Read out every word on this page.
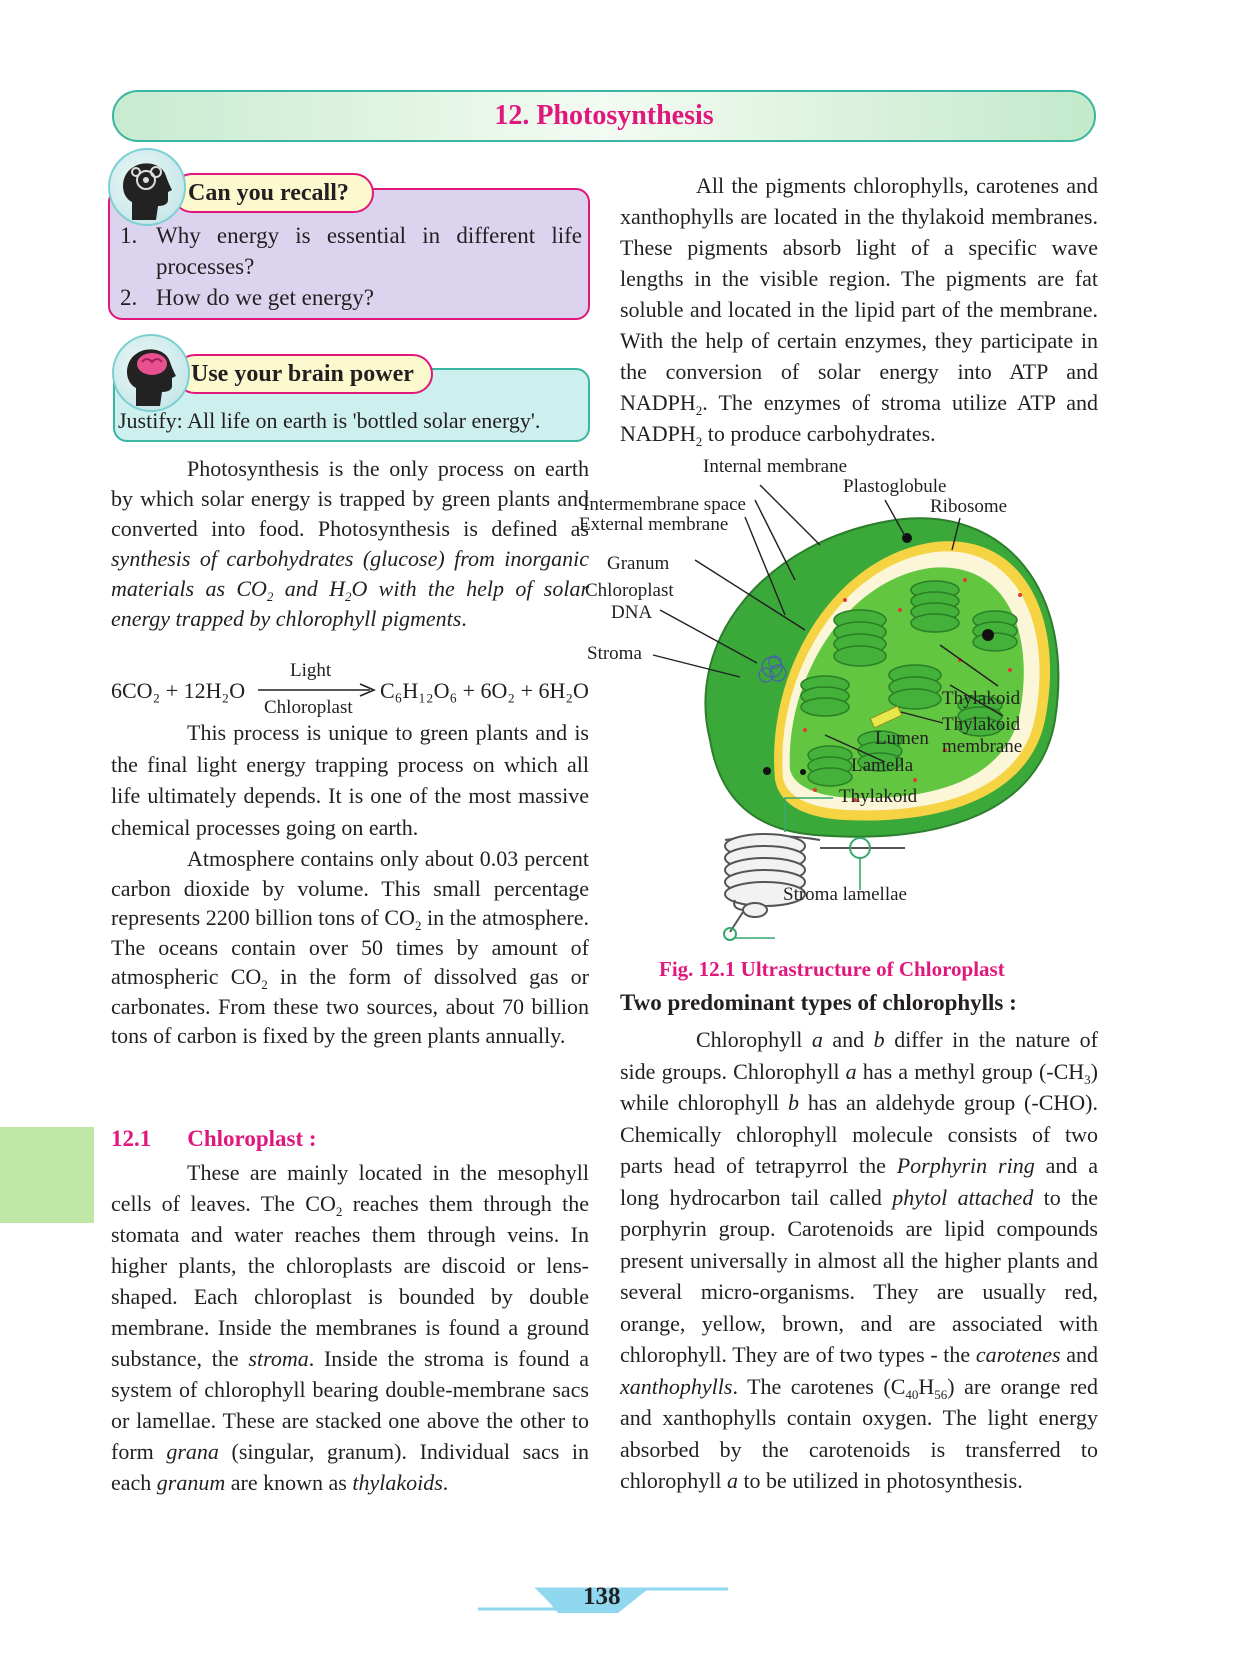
12. Photosynthesis
Can you recall?
1. Why energy is essential in different life processes?
2. How do we get energy?
Use your brain power
Justify: All life on earth is 'bottled solar energy'.

Photosynthesis is the only process on earth by which solar energy is trapped by green plants and converted into food. Photosynthesis is defined as synthesis of carbohydrates (glucose) from inorganic materials as $CO_2$ and $H_2O$ with the help of solar energy trapped by chlorophyll pigments.

6CO₂ + 12H₂O
Light
Chloroplast
C₆H₁₂O₆ + 6O₂ + 6H₂O

This process is unique to green plants and is the final light energy trapping process on which all life ultimately depends. It is one of the most massive chemical processes going on earth.

Atmosphere contains only about 0.03 percent carbon dioxide by volume. This small percentage represents 2200 billion tons of $CO_2$ in the atmosphere. The oceans contain over 50 times by amount of atmospheric $CO_2$ in the form of dissolved gas or carbonates. From these two sources, about 70 billion tons of carbon is fixed by the green plants annually.

12.1 Chloroplast :

These are mainly located in the mesophyll cells of leaves. The $CO_2$ reaches them through the stomata and water reaches them through veins. In higher plants, the chloroplasts are discoid or lens-shaped. Each chloroplast is bounded by double membrane. Inside the membranes is found a ground substance, the stroma. Inside the stroma is found a system of chlorophyll bearing double-membrane sacs or lamellae. These are stacked one above the other to form grana (singular, granum). Individual sacs in each granum are known as thylakoids.

All the pigments chlorophylls, carotenes and xanthophylls are located in the thylakoid membranes. These pigments absorb light of a specific wave lengths in the visible region. The pigments are fat soluble and located in the lipid part of the membrane. With the help of certain enzymes, they participate in the conversion of solar energy into ATP and $NADPH_2$. The enzymes of stroma utilize ATP and $NADPH_2$ to produce carbohydrates.

Internal membrane
Plastoglobule
Ribosome
Intermembrane space
External membrane
Granum
Chloroplast
DNA
Stroma
Thylakoid
Thylakoid
membrane
Lumen
Lamella
Thylakoid
Stroma lamellae
Fig. 12.1 Ultrastructure of Chloroplast
Two predominant types of chlorophylls :

Chlorophyll a and b differ in the nature of side groups. Chlorophyll a has a methyl group $(-CH_3)$ while chlorophyll b has an aldehyde group (-CHO). Chemically chlorophyll molecule consists of two parts head of tetrapyrrol the Porphyrin ring and a long hydrocarbon tail called phytol attached to the porphyrin group. Carotenoids are lipid compounds present universally in almost all the higher plants and several micro-organisms. They are usually red, orange, yellow, brown, and are associated with chlorophyll. They are of two types - the carotenes and xanthophylls. The carotenes $(C_{40}H_{56})$ are orange red and xanthophylls contain oxygen. The light energy absorbed by the carotenoids is transferred to chlorophyll a to be utilized in photosynthesis.

138
